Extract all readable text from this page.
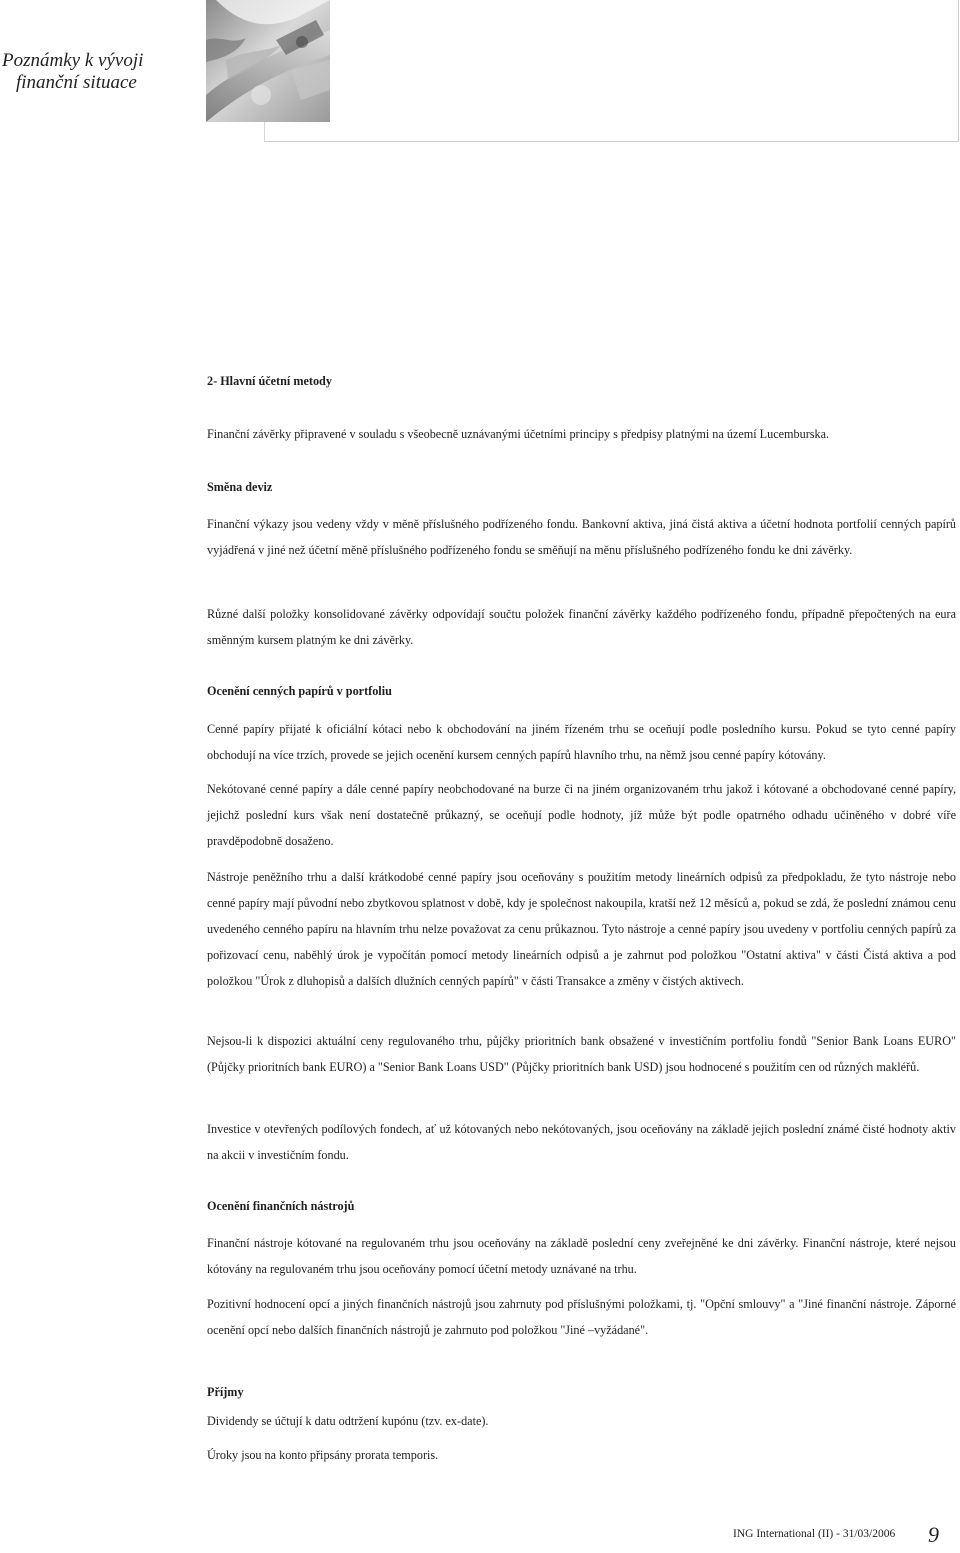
Poznámky k vývoji
finanční situace
2- Hlavní účetní metody

Finanční závěrky připravené v souladu s všeobecně uznávanými účetními principy s předpisy platnými na území Lucemburska.

Směna deviz

Finanční výkazy jsou vedeny vždy v měně příslušného podřízeného fondu. Bankovní aktiva, jiná čistá aktiva a účetní hodnota portfolií cenných papírů vyjádřená v jiné než účetní měně příslušného podřízeného fondu se směňují na měnu příslušného podřízeného fondu ke dni závěrky.

Různé další položky konsolidované závěrky odpovídají součtu položek finanční závěrky každého podřízeného fondu, případně přepočtených na eura směnným kursem platným ke dni závěrky.

Ocenění cenných papírů v portfoliu

Cenné papíry přijaté k oficiální kótaci nebo k obchodování na jiném řízeném trhu se oceňují podle posledního kursu. Pokud se tyto cenné papíry obchodují na více trzích, provede se jejich ocenění kursem cenných papírů hlavního trhu, na němž jsou cenné papíry kótovány.

Nekótované cenné papíry a dále cenné papíry neobchodované na burze či na jiném organizovaném trhu jakož i kótované a obchodované cenné papíry, jejichž poslední kurs však není dostatečně průkazný, se oceňují podle hodnoty, jíž může být podle opatrného odhadu učiněného v dobré víře pravděpodobně dosaženo.

Nástroje peněžního trhu a další krátkodobé cenné papíry jsou oceňovány s použitím metody lineárních odpisů za předpokladu, že tyto nástroje nebo cenné papíry mají původní nebo zbytkovou splatnost v době, kdy je společnost nakoupila, kratší než 12 měsíců a, pokud se zdá, že poslední známou cenu uvedeného cenného papíru na hlavním trhu nelze považovat za cenu průkaznou. Tyto nástroje a cenné papíry jsou uvedeny v portfoliu cenných papírů za pořizovací cenu, naběhlý úrok je vypočítán pomocí metody lineárních odpisů a je zahrnut pod položkou "Ostatní aktiva" v části Čistá aktiva a pod položkou "Úrok z dluhopisů a dalších dlužních cenných papírů" v části Transakce a změny v čistých aktivech.

Nejsou-li k dispozici aktuální ceny regulovaného trhu, půjčky prioritních bank obsažené v investičním portfoliu fondů "Senior Bank Loans EURO" (Půjčky prioritních bank EURO) a "Senior Bank Loans USD" (Půjčky prioritních bank USD) jsou hodnocené s použitím cen od různých makléřů.

Investice v otevřených podílových fondech, ať už kótovaných nebo nekótovaných, jsou oceňovány na základě jejich poslední známé čisté hodnoty aktiv na akcii v investičním fondu.

Ocenění finančních nástrojů

Finanční nástroje kótované na regulovaném trhu jsou oceňovány na základě poslední ceny zveřejněné ke dni závěrky. Finanční nástroje, které nejsou kótovány na regulovaném trhu jsou oceňovány pomocí účetní metody uznávané na trhu.

Pozitivní hodnocení opcí a jiných finančních nástrojů jsou zahrnuty pod příslušnými položkami, tj. "Opční smlouvy" a "Jiné finanční nástroje. Záporné ocenění opcí nebo dalších finančních nástrojů je zahrnuto pod položkou "Jiné –vyžádané".

Příjmy

Dividendy se účtují k datu odtržení kupónu (tzv. ex-date).

Úroky jsou na konto připsány prorata temporis.

ING International (II) - 31/03/2006 9
